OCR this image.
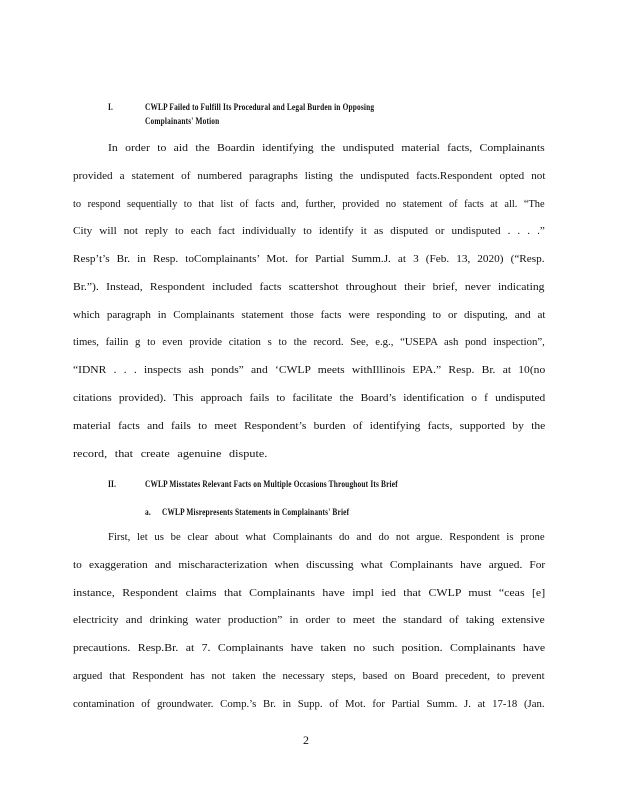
I.	CWLP Failed to Fulfill Its Procedural and Legal Burden in Opposing
Complainants' Motion
In order to aid the Boardin identifying the undisputed material facts, Complainants
provided a statement of numbered paragraphs listing the undisputed facts.Respondent opted not
to respond sequentially to that list of facts and, further, provided no statement of facts at all. “The
City will not reply to each fact individually to identify it as disputed or undisputed . . . .”
Resp’t’s Br. in Resp. toComplainants’ Mot. for Partial Summ.J. at 3 (Feb. 13, 2020) (“Resp.
Br.”). Instead, Respondent included facts scattershot throughout their brief, never indicating
which paragraph in Complainants statement those facts were responding to or disputing, and at
times, failin g to even provide citation s to the record. See, e.g., “USEPA ash pond inspection”,
“IDNR . . . inspects ash ponds” and ‘CWLP meets withIllinois EPA.” Resp. Br. at 10(no
citations provided). This approach fails to facilitate the Board’s identification o f undisputed
material facts and fails to meet Respondent’s burden of identifying facts, supported by the
record, that create agenuine dispute.
II.	CWLP Misstates Relevant Facts on Multiple Occasions Throughout Its Brief
a. CWLP Misrepresents Statements in Complainants' Brief
First, let us be clear about what Complainants do and do not argue. Respondent is prone
to exaggeration and mischaracterization when discussing what Complainants have argued. For
instance, Respondent claims that Complainants have impl ied that CWLP must “ceas [e]
electricity and drinking water production” in order to meet the standard of taking extensive
precautions. Resp.Br. at 7. Complainants have taken no such position. Complainants have
argued that Respondent has not taken the necessary steps, based on Board precedent, to prevent
contamination of groundwater. Comp.’s Br. in Supp. of Mot. for Partial Summ. J. at 17-18 (Jan.
2
